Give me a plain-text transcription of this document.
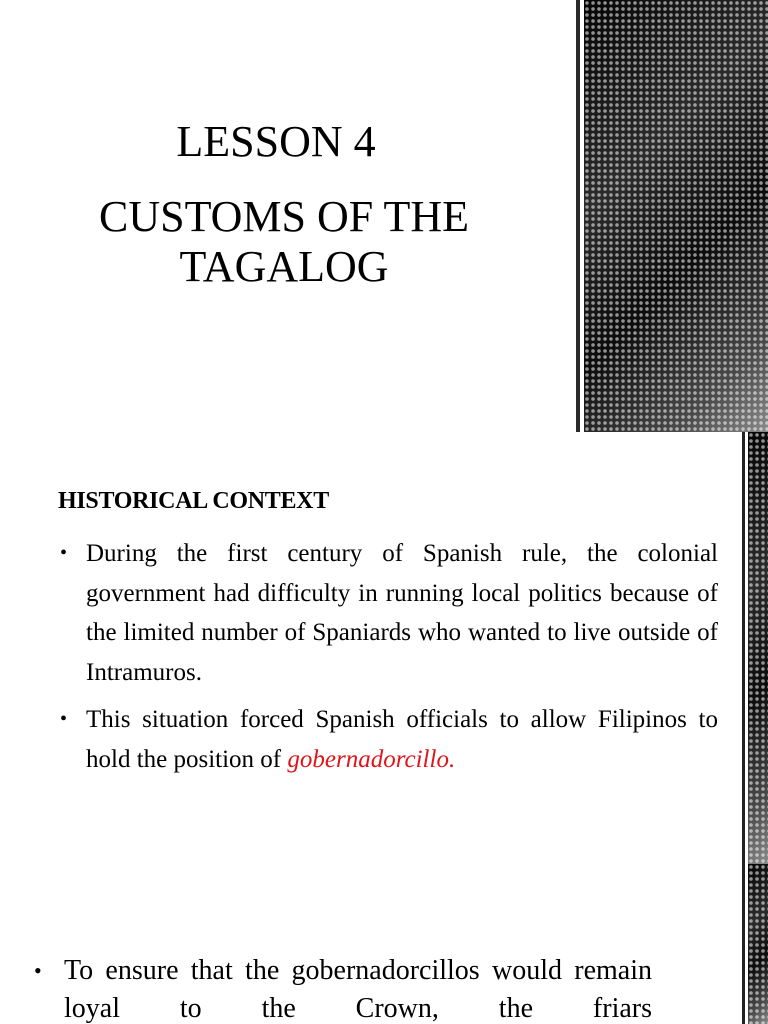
LESSON 4
CUSTOMS OF THE TAGALOG
HISTORICAL CONTEXT
• During the first century of Spanish rule, the colonial government had difficulty in running local politics because of the limited number of Spaniards who wanted to live outside of Intramuros.
• This situation forced Spanish officials to allow Filipinos to hold the position of gobernadorcillo.
• To ensure that the gobernadorcillos would remain loyal to the Crown, the friars
